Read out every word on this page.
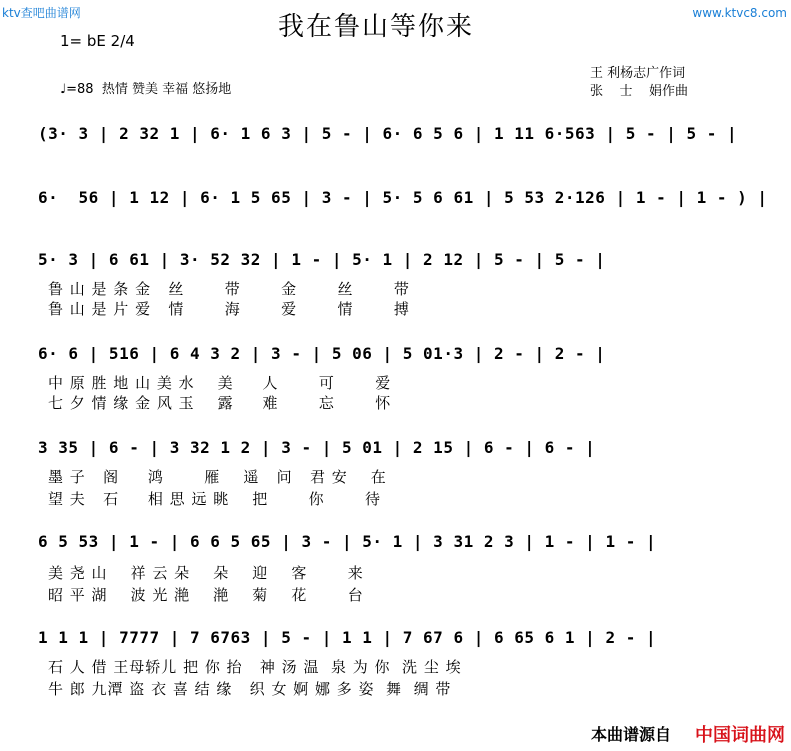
ktv查吧曲谱网	www.ktvc8.com
我在鲁山等你来
1= bE 2/4
♩=88  热情 赞美 幸福 悠扬地
王 利杨志广作词
张    士    娟作曲
(3· 3 | 2 32 1 | 6· 1 6 3 | 5 - | 6· 6 5 6 | 1 11 6·563 | 5 - | 5 - |
6·  56 | 1 12 | 6· 1 5 65 | 3 - | 5· 5 6 61 | 5 53 2·126 | 1 - | 1 - ) |
5· 3 | 6 61 | 3· 52 32 | 1 - | 5· 1 | 2 12 | 5 - | 5 - |
鲁 山 是 条 金   丝       带       金       丝       带
鲁 山 是 片 爱   情       海       爱       情       搏
6· 6 | 516 | 6 4 3 2 | 3 - | 5 06 | 5 01·3 | 2 - | 2 - |
中 原 胜 地 山 美 水    美     人       可       爱
七 夕 情 缘 金 风 玉    露     难       忘       怀
3 35 | 6 - | 3 32 1 2 | 3 - | 5 01 | 2 15 | 6 - | 6 - |
墨 子   阁     鸿       雁    遥   问   君 安    在
望 夫   石     相 思 远 眺    把       你       待
6 5 53 | 1 - | 6 6 5 65 | 3 - | 5· 1 | 3 31 2 3 | 1 - | 1 - |
美 尧 山    祥 云 朵    朵    迎    客       来
昭 平 湖    波 光 滟    滟    菊    花       台
1 1 1 | 7777 | 7 6763 | 5 - | 1 1 | 7 67 6 | 6 65 6 1 | 2 - |
石 人 借 王母轿儿 把 你 抬   神 汤 温  泉 为 你  洗 尘 埃
牛 郎 九潭 盗 衣 喜 结 缘   织 女 婀 娜 多 姿  舞  绸 带
本曲谱源自 中国词曲网
